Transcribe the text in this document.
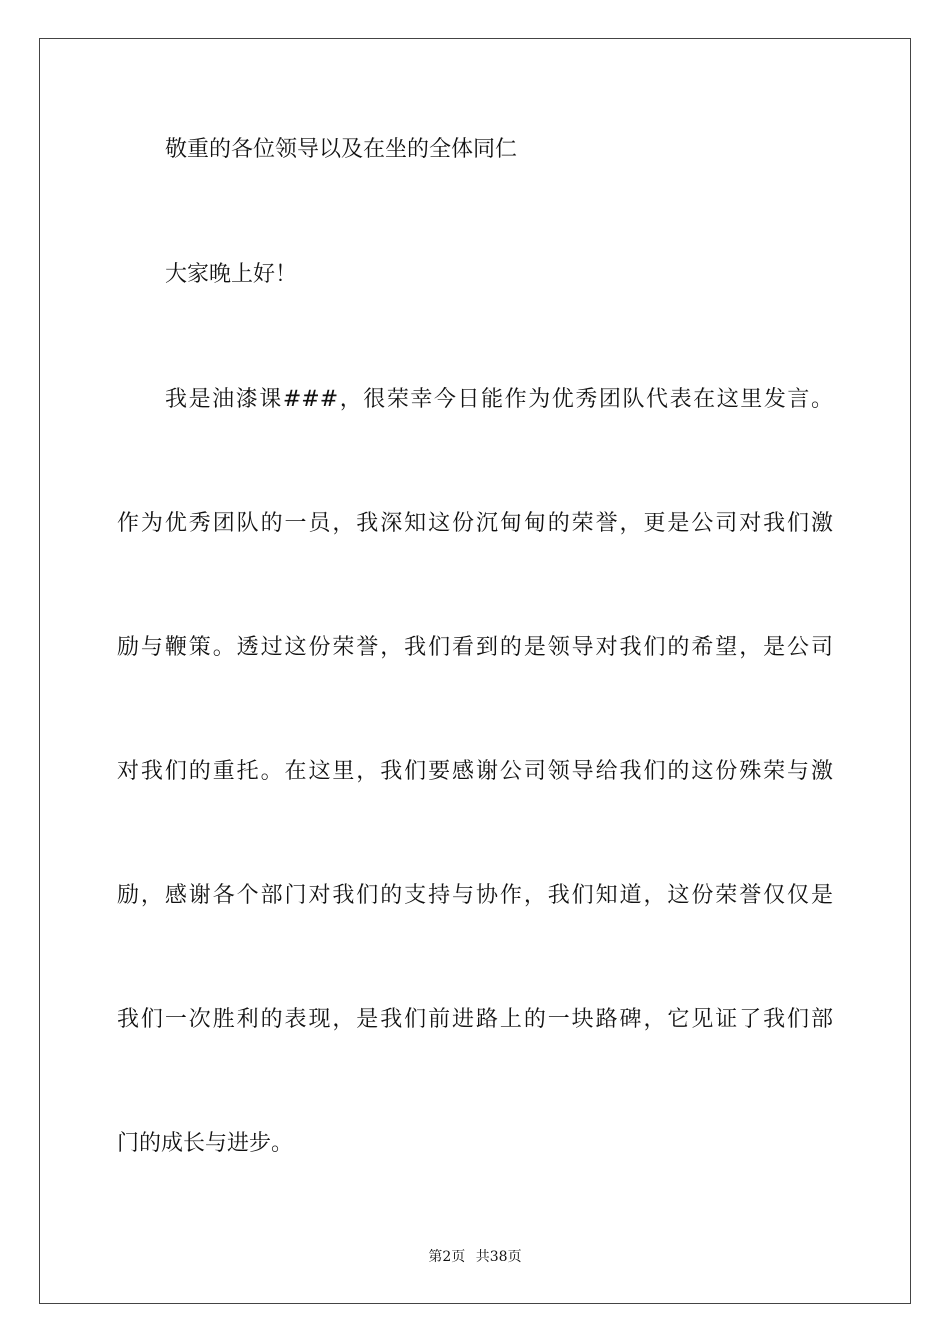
敬重的各位领导以及在坐的全体同仁
大家晚上好！
我是油漆课###，很荣幸今日能作为优秀团队代表在这里发言。
作为优秀团队的一员，我深知这份沉甸甸的荣誉，更是公司对我们激
励与鞭策。透过这份荣誉，我们看到的是领导对我们的希望，是公司
对我们的重托。在这里，我们要感谢公司领导给我们的这份殊荣与激
励，感谢各个部门对我们的支持与协作，我们知道，这份荣誉仅仅是
我们一次胜利的表现，是我们前进路上的一块路碑，它见证了我们部
门的成长与进步。
第2页 共38页
